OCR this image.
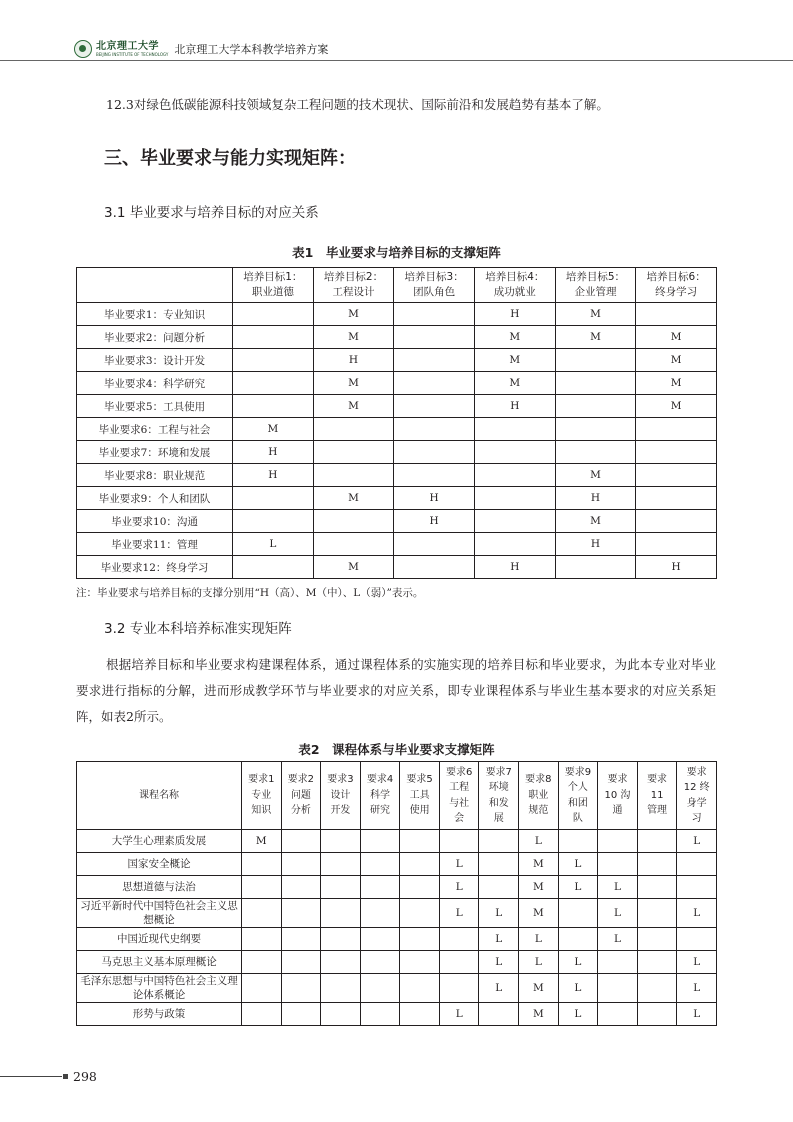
北京理工大学
BEIJING INSTITUTE OF TECHNOLOGY 北京理工大学本科教学培养方案
12.3对绿色低碳能源科技领域复杂工程问题的技术现状、国际前沿和发展趋势有基本了解。
三、毕业要求与能力实现矩阵：
3.1 毕业要求与培养目标的对应关系
表1　毕业要求与培养目标的支撑矩阵
	培养目标1：
职业道德	培养目标2：
工程设计	培养目标3：
团队角色	培养目标4：
成功就业	培养目标5：
企业管理	培养目标6：
终身学习
毕业要求1：专业知识		M		H	M	
毕业要求2：问题分析		M		M	M	M
毕业要求3：设计开发		H		M		M
毕业要求4：科学研究		M		M		M
毕业要求5：工具使用		M		H		M
毕业要求6：工程与社会	M					
毕业要求7：环境和发展	H					
毕业要求8：职业规范	H				M	
毕业要求9：个人和团队		M	H		H	
毕业要求10：沟通			H		M	
毕业要求11：管理	L				H	
毕业要求12：终身学习		M		H		H
注：毕业要求与培养目标的支撑分别用“H（高）、M（中）、L（弱）”表示。
3.2 专业本科培养标准实现矩阵
根据培养目标和毕业要求构建课程体系，通过课程体系的实施实现的培养目标和毕业要求，为此本专业对毕业要求进行指标的分解，进而形成教学环节与毕业要求的对应关系，即专业课程体系与毕业生基本要求的对应关系矩阵，如表2所示。
表2　课程体系与毕业要求支撑矩阵
课程名称	要求1
专业
知识	要求2
问题
分析	要求3
设计
开发	要求4
科学
研究	要求5
工具
使用	要求6
工程
与社
会	要求7
环境
和发
展	要求8
职业
规范	要求9
个人
和团
队	要求
10 沟
通	要求
11
管理	要求
12 终
身学
习
大学生心理素质发展	M							L				L
国家安全概论						L		M	L			
思想道德与法治						L		M	L	L		
习近平新时代中国特色社会主义思想概论						L	L	M		L		L
中国近现代史纲要							L	L		L		
马克思主义基本原理概论							L	L	L			L
毛泽东思想与中国特色社会主义理论体系概论							L	M	L			L
形势与政策						L		M	L			L
298
